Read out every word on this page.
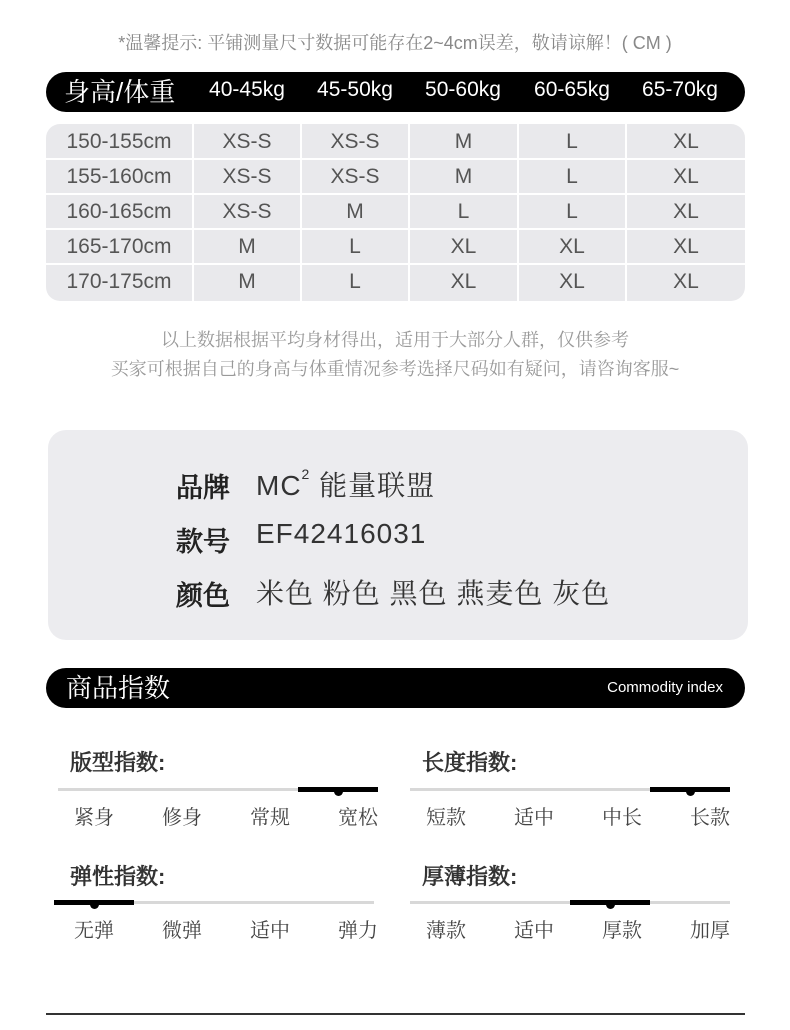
*温馨提示: 平铺测量尺寸数据可能存在2~4cm误差，敬请谅解！( CM )
身高/体重	40-45kg	45-50kg	50-60kg	60-65kg	65-70kg
150-155cm	XS-S	XS-S	M	L	XL
155-160cm	XS-S	XS-S	M	L	XL
160-165cm	XS-S	M	L	L	XL
165-170cm	M	L	XL	XL	XL
170-175cm	M	L	XL	XL	XL
以上数据根据平均身材得出，适用于大部分人群，仅供参考
买家可根据自己的身高与体重情况参考选择尺码如有疑问，请咨询客服~
品牌 $MC^2$ 能量联盟
款号 EF42416031
颜色 米色 粉色 黑色 燕麦色 灰色
商品指数	Commodity index
版型指数:
紧身	修身	常规	宽松
长度指数:
短款	适中	中长	长款
弹性指数:
无弹	微弹	适中	弹力
厚薄指数:
薄款	适中	厚款	加厚
